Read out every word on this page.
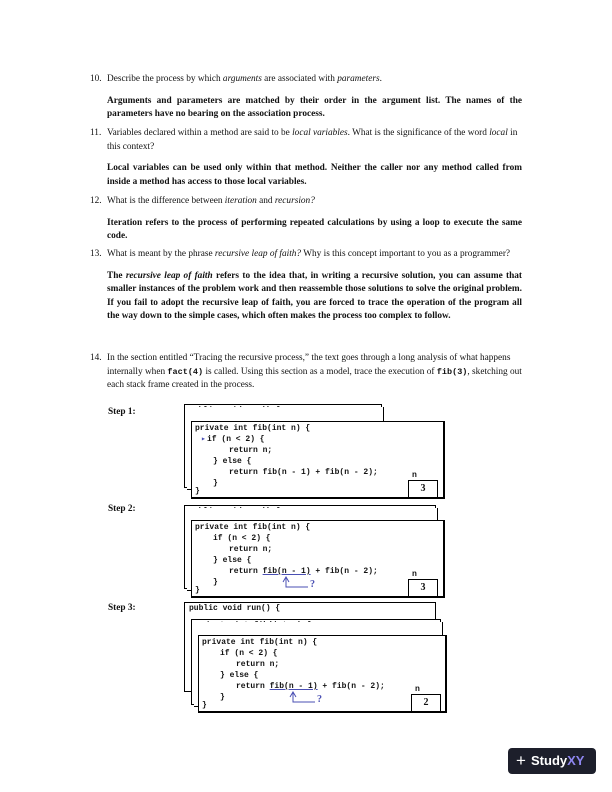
10. Describe the process by which arguments are associated with parameters.
Arguments and parameters are matched by their order in the argument list. The names of the parameters have no bearing on the association process.
11. Variables declared within a method are said to be local variables. What is the significance of the word local in this context?
Local variables can be used only within that method. Neither the caller nor any method called from inside a method has access to those local variables.
12. What is the difference between iteration and recursion?
Iteration refers to the process of performing repeated calculations by using a loop to execute the same code.
13. What is meant by the phrase recursive leap of faith? Why is this concept important to you as a programmer?
The recursive leap of faith refers to the idea that, in writing a recursive solution, you can assume that smaller instances of the problem work and then reassemble those solutions to solve the original problem. If you fail to adopt the recursive leap of faith, you are forced to trace the operation of the program all the way down to the simple cases, which often makes the process too complex to follow.
14. In the section entitled “Tracing the recursive process,” the text goes through a long analysis of what happens internally when fact(4) is called. Using this section as a model, trace the execution of fib(3), sketching out each stack frame created in the process.
Step 1:
Step 2:
Step 3:
private int fib(int n) {
▸ if (n < 2) {
return n;
} else {
return fib(n - 1) + fib(n - 2);
}
}
n
3
private int fib(int n) {
if (n < 2) {
return n;
} else {
return fib(n - 1) + fib(n - 2);
}
}
?
n
3
public void run() {
private int fib(int n) {
if (n < 2) {
return n;
} else {
return fib(n - 1) + fib(n - 2);
}
}
?
n
2
+ StudyXY
